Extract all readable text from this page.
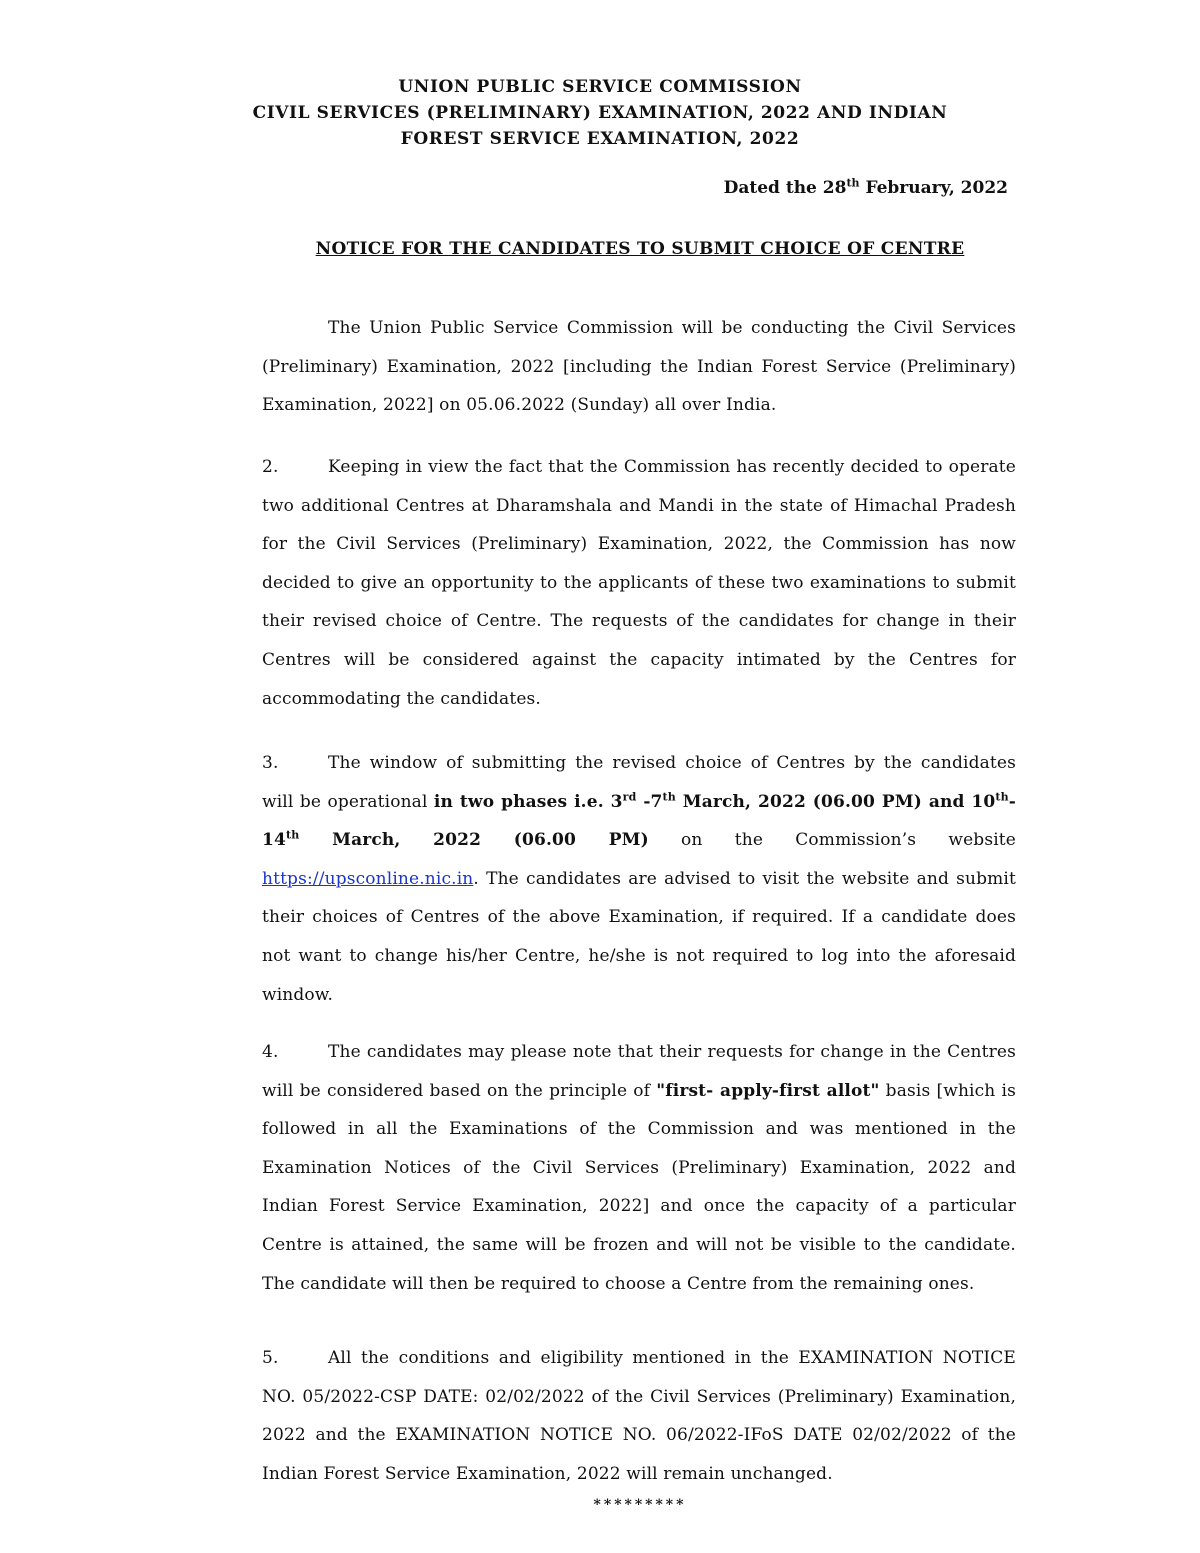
UNION PUBLIC SERVICE COMMISSION
CIVIL SERVICES (PRELIMINARY) EXAMINATION, 2022 AND INDIAN
FOREST SERVICE EXAMINATION, 2022
Dated the 28th February, 2022
NOTICE FOR THE CANDIDATES TO SUBMIT CHOICE OF CENTRE
The Union Public Service Commission will be conducting the Civil Services (Preliminary) Examination, 2022 [including the Indian Forest Service (Preliminary) Examination, 2022] on 05.06.2022 (Sunday) all over India.
2.	Keeping in view the fact that the Commission has recently decided to operate two additional Centres at Dharamshala and Mandi in the state of Himachal Pradesh for the Civil Services (Preliminary) Examination, 2022, the Commission has now decided to give an opportunity to the applicants of these two examinations to submit their revised choice of Centre. The requests of the candidates for change in their Centres will be considered against the capacity intimated by the Centres for accommodating the candidates.
3.	The window of submitting the revised choice of Centres by the candidates will be operational in two phases i.e. 3rd -7th March, 2022 (06.00 PM) and 10th-14th March, 2022 (06.00 PM) on the Commission’s website https://upsconline.nic.in. The candidates are advised to visit the website and submit their choices of Centres of the above Examination, if required. If a candidate does not want to change his/her Centre, he/she is not required to log into the aforesaid window.
4.	The candidates may please note that their requests for change in the Centres will be considered based on the principle of "first- apply-first allot" basis [which is followed in all the Examinations of the Commission and was mentioned in the Examination Notices of the Civil Services (Preliminary) Examination, 2022 and Indian Forest Service Examination, 2022] and once the capacity of a particular Centre is attained, the same will be frozen and will not be visible to the candidate. The candidate will then be required to choose a Centre from the remaining ones.
5.	All the conditions and eligibility mentioned in the EXAMINATION NOTICE NO. 05/2022-CSP DATE: 02/02/2022 of the Civil Services (Preliminary) Examination, 2022 and the EXAMINATION NOTICE NO. 06/2022-IFoS DATE 02/02/2022 of the Indian Forest Service Examination, 2022 will remain unchanged.
*********
